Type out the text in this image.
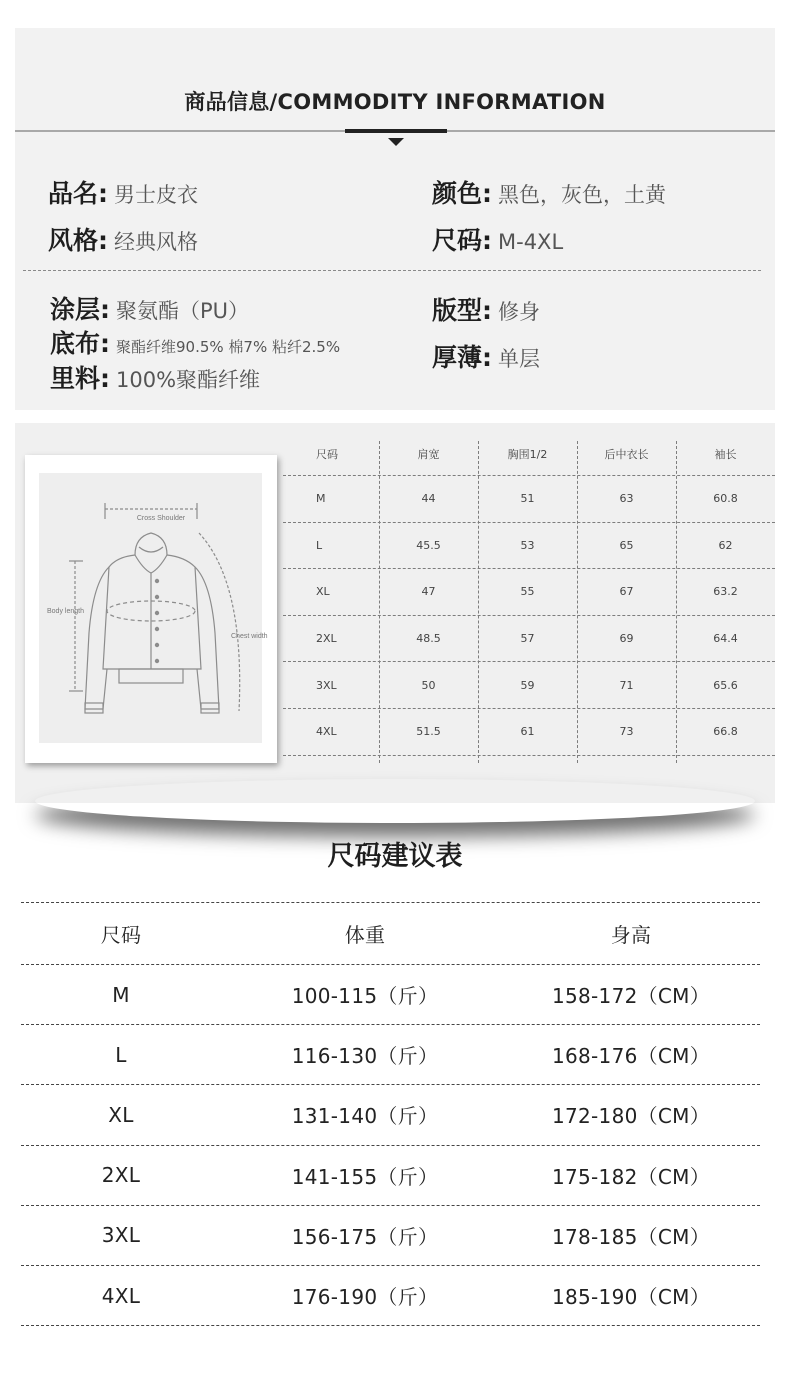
商品信息/COMMODITY INFORMATION
品名: 男士皮衣
风格: 经典风格
颜色: 黑色，灰色，土黄
尺码: M-4XL
涂层: 聚氨酯（PU）
底布: 聚酯纤维90.5% 棉7% 粘纤2.5%
里料: 100%聚酯纤维
版型: 修身
厚薄: 单层
Cross Shoulder
Body length
Chest width
尺码	肩宽	胸围1/2	后中衣长	袖长
M	44	51	63	60.8
L	45.5	53	65	62
XL	47	55	67	63.2
2XL	48.5	57	69	64.4
3XL	50	59	71	65.6
4XL	51.5	61	73	66.8
尺码建议表
尺码	体重	身高
M	100-115（斤）	158-172（CM）
L	116-130（斤）	168-176（CM）
XL	131-140（斤）	172-180（CM）
2XL	141-155（斤）	175-182（CM）
3XL	156-175（斤）	178-185（CM）
4XL	176-190（斤）	185-190（CM）
